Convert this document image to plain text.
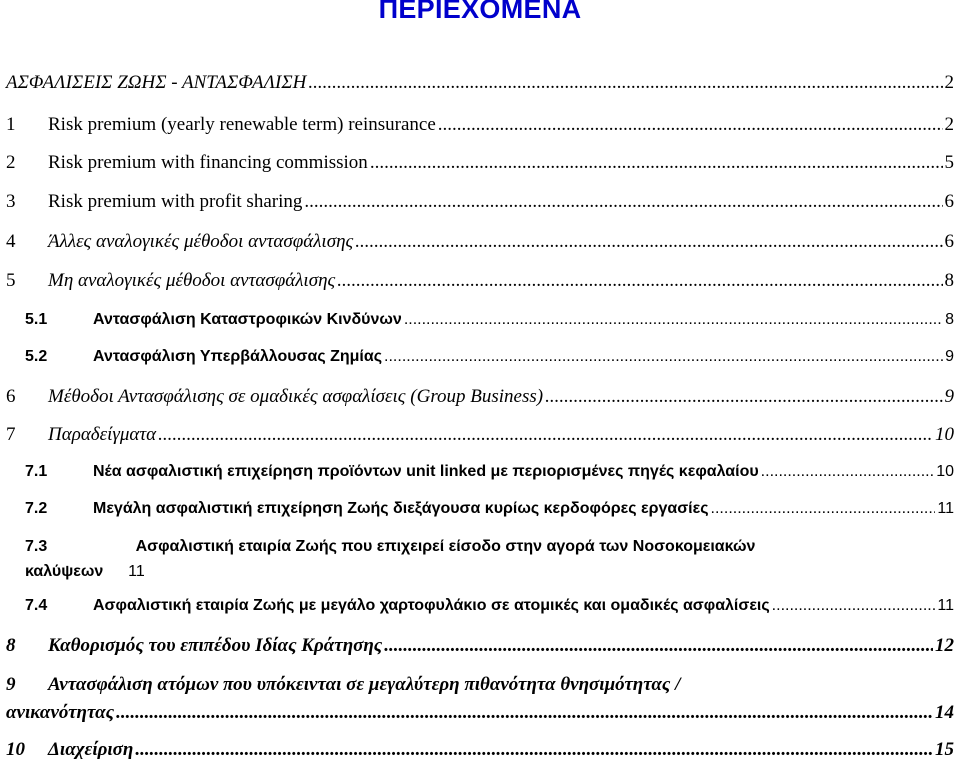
ΠΕΡΙΕΧΟΜΕΝΑ
ΑΣΦΑΛΙΣΕΙΣ ΖΩΗΣ - ΑΝΤΑΣΦΑΛΙΣΗ .....	2
1	Risk premium (yearly renewable term) reinsurance .....	2
2	Risk premium with financing commission .....	5
3	Risk premium with profit sharing .....	6
4	Άλλες αναλογικές μέθοδοι αντασφάλισης .....	6
5	Μη αναλογικές μέθοδοι αντασφάλισης .....	8
5.1	Αντασφάλιση Καταστροφικών Κινδύνων .....	8
5.2	Αντασφάλιση Υπερβάλλουσας Ζημίας .....	9
6	Μέθοδοι Αντασφάλισης σε ομαδικές ασφαλίσεις (Group Business) .....	9
7	Παραδείγματα .....	10
7.1	Νέα ασφαλιστική επιχείρηση προϊόντων unit linked με περιορισμένες πηγές κεφαλαίου .....	10
7.2	Μεγάλη ασφαλιστική επιχείρηση Ζωής διεξάγουσα κυρίως κερδοφόρες εργασίες .....	11
7.3	Ασφαλιστική εταιρία Ζωής που επιχειρεί είσοδο στην αγορά των Νοσοκομειακών
καλύψεων 11
7.4	Ασφαλιστική εταιρία Ζωής με μεγάλο χαρτοφυλάκιο σε ατομικές και ομαδικές ασφαλίσεις .....	11
8	Καθορισμός του επιπέδου Ιδίας Κράτησης .....	12
9 Αντασφάλιση ατόμων που υπόκεινται σε μεγαλύτερη πιθανότητα θνησιμότητας /
ανικανότητας .....	14
10	Διαχείριση .....	15
